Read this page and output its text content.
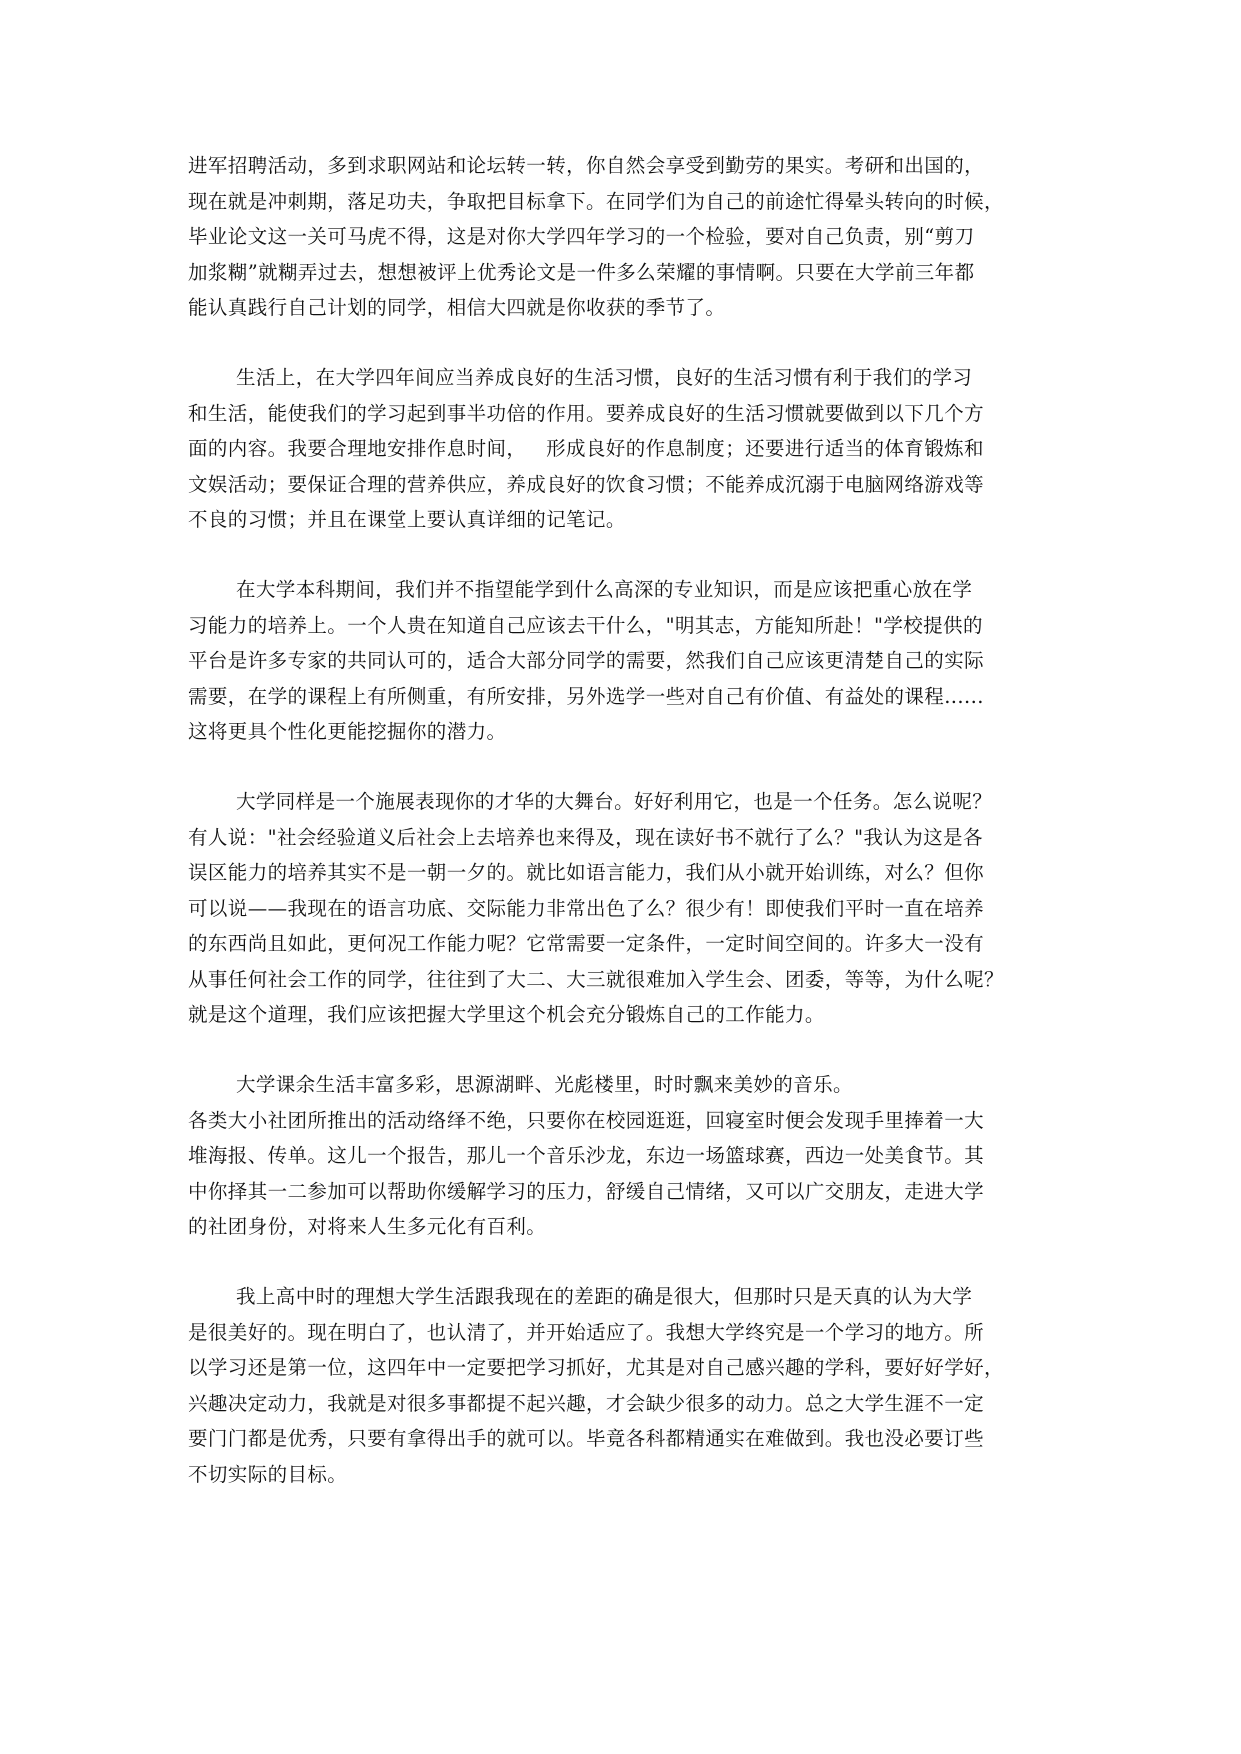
进军招聘活动，多到求职网站和论坛转一转，你自然会享受到勤劳的果实。考研和出国的，
现在就是冲刺期，落足功夫，争取把目标拿下。在同学们为自己的前途忙得晕头转向的时候，
毕业论文这一关可马虎不得，这是对你大学四年学习的一个检验，要对自己负责，别“剪刀
加浆糊”就糊弄过去，想想被评上优秀论文是一件多么荣耀的事情啊。只要在大学前三年都
能认真践行自己计划的同学，相信大四就是你收获的季节了。

生活上，在大学四年间应当养成良好的生活习惯，良好的生活习惯有利于我们的学习
和生活，能使我们的学习起到事半功倍的作用。要养成良好的生活习惯就要做到以下几个方
面的内容。我要合理地安排作息时间，   形成良好的作息制度；还要进行适当的体育锻炼和
文娱活动；要保证合理的营养供应，养成良好的饮食习惯；不能养成沉溺于电脑网络游戏等
不良的习惯；并且在课堂上要认真详细的记笔记。

在大学本科期间，我们并不指望能学到什么高深的专业知识，而是应该把重心放在学
习能力的培养上。一个人贵在知道自己应该去干什么，"明其志，方能知所赴！"学校提供的
平台是许多专家的共同认可的，适合大部分同学的需要，然我们自己应该更清楚自己的实际
需要，在学的课程上有所侧重，有所安排，另外选学一些对自己有价值、有益处的课程......
这将更具个性化更能挖掘你的潜力。

大学同样是一个施展表现你的才华的大舞台。好好利用它，也是一个任务。怎么说呢？
有人说："社会经验道义后社会上去培养也来得及，现在读好书不就行了么？"我认为这是各
误区能力的培养其实不是一朝一夕的。就比如语言能力，我们从小就开始训练，对么？但你
可以说——我现在的语言功底、交际能力非常出色了么？很少有！即使我们平时一直在培养
的东西尚且如此，更何况工作能力呢？它常需要一定条件，一定时间空间的。许多大一没有
从事任何社会工作的同学，往往到了大二、大三就很难加入学生会、团委，等等，为什么呢？
就是这个道理，我们应该把握大学里这个机会充分锻炼自己的工作能力。

大学课余生活丰富多彩，思源湖畔、光彪楼里，时时飘来美妙的音乐。
各类大小社团所推出的活动络绎不绝，只要你在校园逛逛，回寝室时便会发现手里捧着一大
堆海报、传单。这儿一个报告，那儿一个音乐沙龙，东边一场篮球赛，西边一处美食节。其
中你择其一二参加可以帮助你缓解学习的压力，舒缓自己情绪，又可以广交朋友，走进大学
的社团身份，对将来人生多元化有百利。

我上高中时的理想大学生活跟我现在的差距的确是很大，但那时只是天真的认为大学
是很美好的。现在明白了，也认清了，并开始适应了。我想大学终究是一个学习的地方。所
以学习还是第一位，这四年中一定要把学习抓好，尤其是对自己感兴趣的学科，要好好学好，
兴趣决定动力，我就是对很多事都提不起兴趣，才会缺少很多的动力。总之大学生涯不一定
要门门都是优秀，只要有拿得出手的就可以。毕竟各科都精通实在难做到。我也没必要订些
不切实际的目标。
